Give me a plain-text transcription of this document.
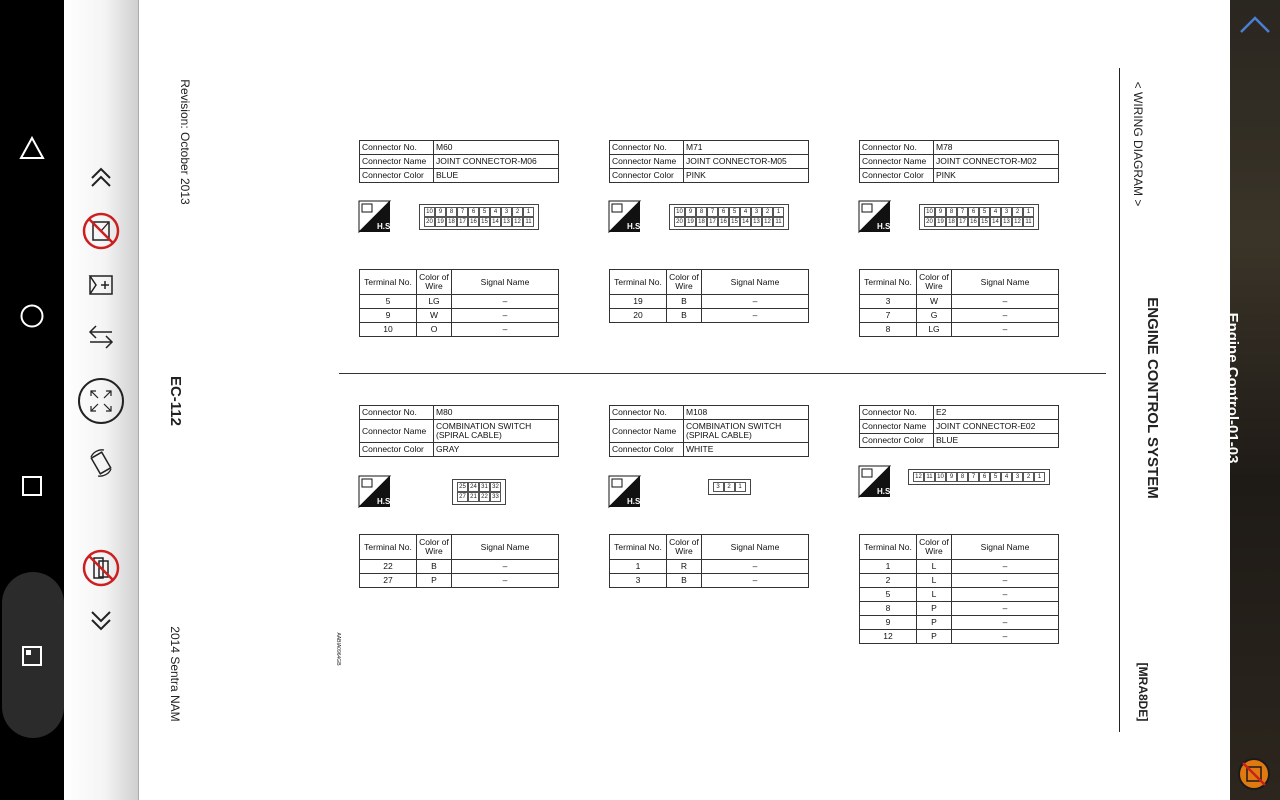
Revision: October 2013
EC-112
2014 Sentra NAM	AABIA0964GB
< WIRING DIAGRAM >
ENGINE CONTROL SYSTEM
[MRA8DE]
Connector No.	M60
Connector Name	JOINT CONNECTOR-M06
Connector Color	BLUE
H.S.
10 9	8	7	6	5	4	3	2	1
20 19 18 17 16 15 14 13 12 11
Terminal No.	Color of Wire	Signal Name
5	LG	–
9	W	–
10	O	–
Connector No.	M71
Connector Name	JOINT CONNECTOR-M05
Connector Color	PINK
H.S.
10 9	8	7	6	5	4	3	2	1
20 19 18 17 16 15 14 13 12 11
Terminal No.	Color of Wire	Signal Name
19	B	–
20	B	–
Connector No.	M78
Connector Name	JOINT CONNECTOR-M02
Connector Color	PINK
H.S.
10 9	8	7	6	5	4	3	2	1
20 19 18 17 16 15 14 13 12 11
Terminal No.	Color of Wire	Signal Name
3	W	–
7	G	–
8	LG	–
Connector No.	M80
Connector Name	COMBINATION SWITCH (SPIRAL CABLE)
Connector Color	GRAY
H.S.
25 24 31 32
27 21 22 33
Terminal No.	Color of Wire	Signal Name
22	B	–
27	P	–
Connector No.	M108
Connector Name	COMBINATION SWITCH (SPIRAL CABLE)
Connector Color	WHITE
H.S.
3	2	1
Terminal No.	Color of Wire	Signal Name
1	R	–
3	B	–
Connector No.	E2
Connector Name	JOINT CONNECTOR-E02
Connector Color	BLUE
H.S.
12 11 10 9	8	7	6	5	4	3	2	1
Terminal No.	Color of Wire	Signal Name
1	L	–
2	L	–
5	L	–
8	P	–
9	P	–
12	P	–
Engine Control-01-03
